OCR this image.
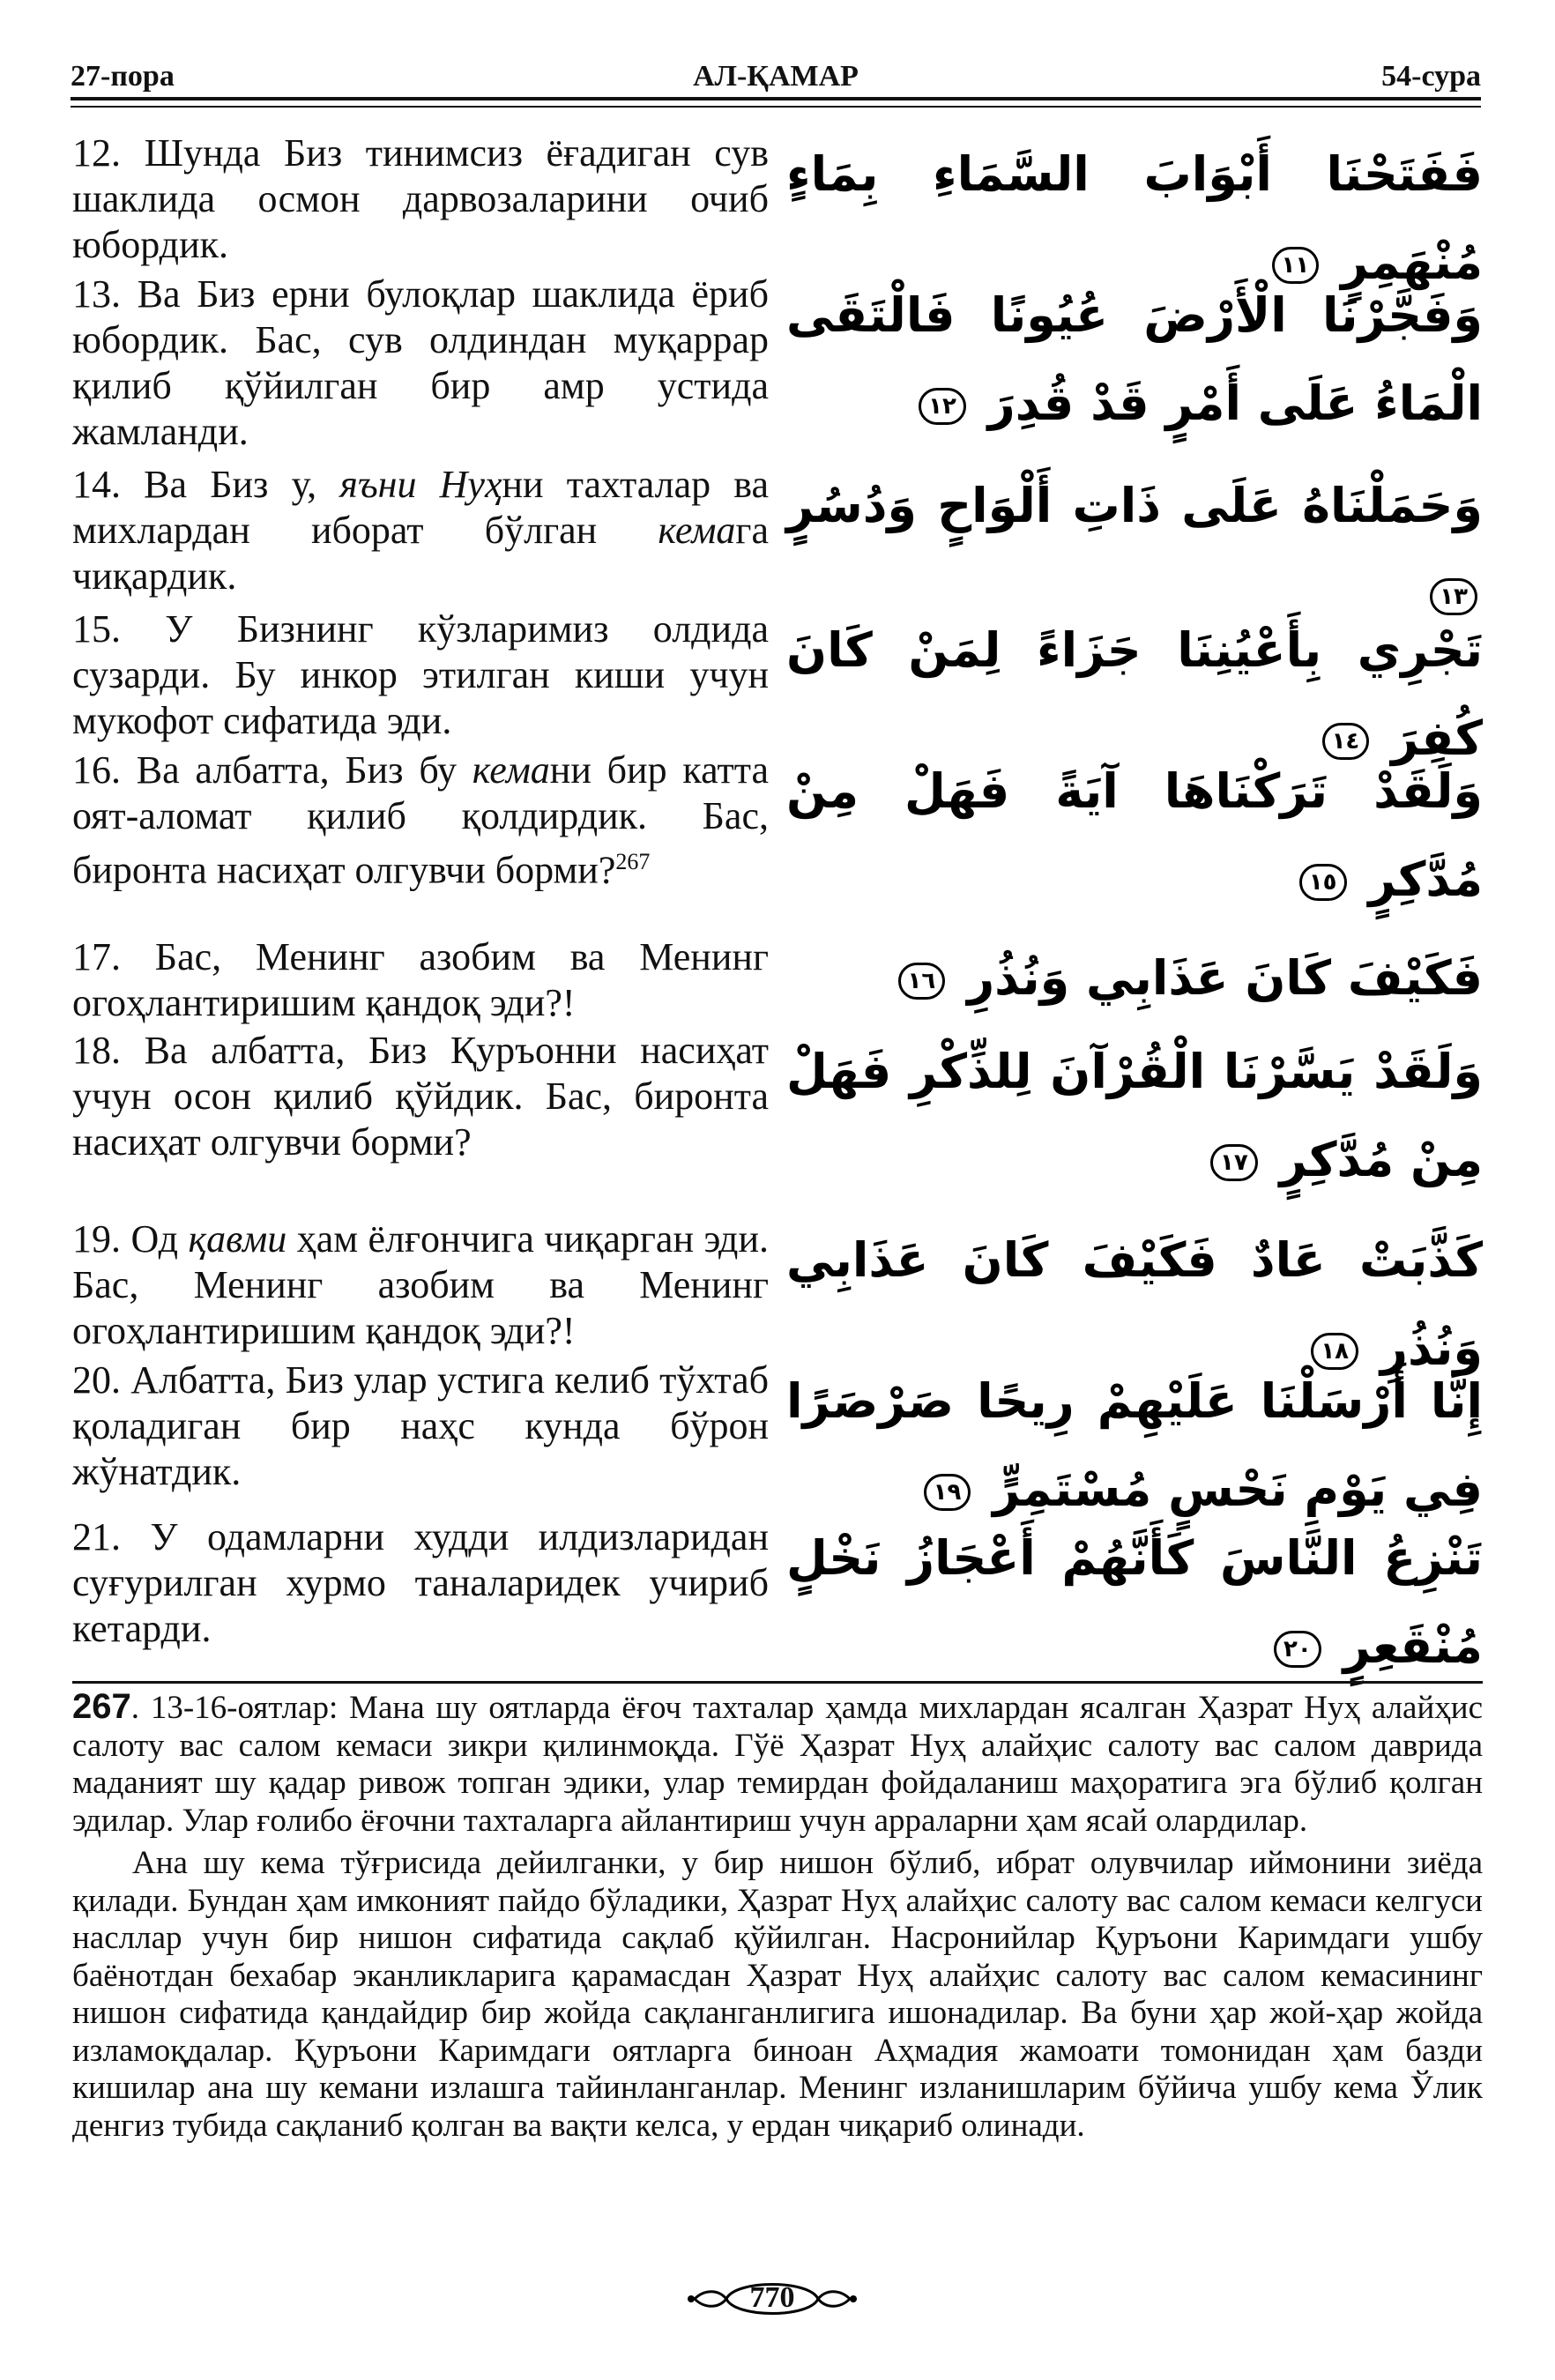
27-пора	АЛ-ҚАМАР	54-сура
12. Шунда Биз тинимсиз ёғадиган сув шаклида осмон дарвозаларини очиб юбордик.
فَفَتَحْنَا أَبْوَابَ السَّمَاءِ بِمَاءٍ مُنْهَمِرٍ ١١
13. Ва Биз ерни булоқлар шаклида ёриб юбордик. Бас, сув олдиндан муқаррар қилиб қўйилган бир амр устида жамланди.
وَفَجَّرْنَا الْأَرْضَ عُيُونًا فَالْتَقَى الْمَاءُ عَلَى أَمْرٍ قَدْ قُدِرَ ١٢
14. Ва Биз у, яъни Нуҳни тахталар ва михлардан иборат бўлган кемага чиқардик.
وَحَمَلْنَاهُ عَلَى ذَاتِ أَلْوَاحٍ وَدُسُرٍ ١٣
15. У Бизнинг кўзларимиз олдида сузарди. Бу инкор этилган киши учун мукофот сифатида эди.
تَجْرِي بِأَعْيُنِنَا جَزَاءً لِمَنْ كَانَ كُفِرَ ١٤
16. Ва албатта, Биз бу кемани бир катта оят-аломат қилиб қолдирдик. Бас, биронта насиҳат олгувчи борми?$^{267}$
وَلَقَدْ تَرَكْنَاهَا آيَةً فَهَلْ مِنْ مُدَّكِرٍ ١٥
17. Бас, Менинг азобим ва Менинг огоҳлантиришим қандоқ эди?!	فَكَيْفَ كَانَ عَذَابِي وَنُذُرِ ١٦
18. Ва албатта, Биз Қуръонни насиҳат учун осон қилиб қўйдик. Бас, биронта насиҳат олгувчи борми?
وَلَقَدْ يَسَّرْنَا الْقُرْآنَ لِلذِّكْرِ فَهَلْ مِنْ مُدَّكِرٍ ١٧
19. Од қавми ҳам ёлғончига чиқарган эди. Бас, Менинг азобим ва Менинг огоҳлантиришим қандоқ эди?!
كَذَّبَتْ عَادٌ فَكَيْفَ كَانَ عَذَابِي وَنُذُرِ ١٨
20. Албатта, Биз улар устига келиб тўхтаб қоладиган бир наҳс кунда бўрон жўнатдик.
إِنَّا أَرْسَلْنَا عَلَيْهِمْ رِيحًا صَرْصَرًا فِي يَوْمِ نَحْسٍ مُسْتَمِرٍّ ١٩
21. У одамларни худди илдизларидан суғурилган хурмо таналаридек учириб кетарди.
تَنْزِعُ النَّاسَ كَأَنَّهُمْ أَعْجَازُ نَخْلٍ مُنْقَعِرٍ ٢٠

267. 13-16-оятлар: Мана шу оятларда ёғоч тахталар ҳамда михлардан ясалган Ҳазрат Нуҳ алайҳис салоту вас салом кемаси зикри қилинмоқда. Гўё Ҳазрат Нуҳ алайҳис салоту вас салом даврида маданият шу қадар ривож топган эдики, улар темирдан фойдаланиш маҳоратига эга бўлиб қолган эдилар. Улар ғолибо ёғочни тахталарга айлантириш учун арраларни ҳам ясай олардилар.

Ана шу кема тўғрисида дейилганки, у бир нишон бўлиб, ибрат олувчилар иймонини зиёда қилади. Бундан ҳам имконият пайдо бўладики, Ҳазрат Нуҳ алайҳис салоту вас салом кемаси келгуси насллар учун бир нишон сифатида сақлаб қўйилган. Насронийлар Қуръони Каримдаги ушбу баёнотдан бехабар эканликларига қарамасдан Ҳазрат Нуҳ алайҳис салоту вас салом кемасининг нишон сифатида қандайдир бир жойда сақланганлигига ишонадилар. Ва буни ҳар жой-ҳар жойда изламоқдалар. Қуръони Каримдаги оятларга биноан Аҳмадия жамоати томонидан ҳам базди кишилар ана шу кемани излашга тайинланганлар. Менинг изланишларим бўйича ушбу кема Ўлик денгиз тубида сақланиб қолган ва вақти келса, у ердан чиқариб олинади.

770
